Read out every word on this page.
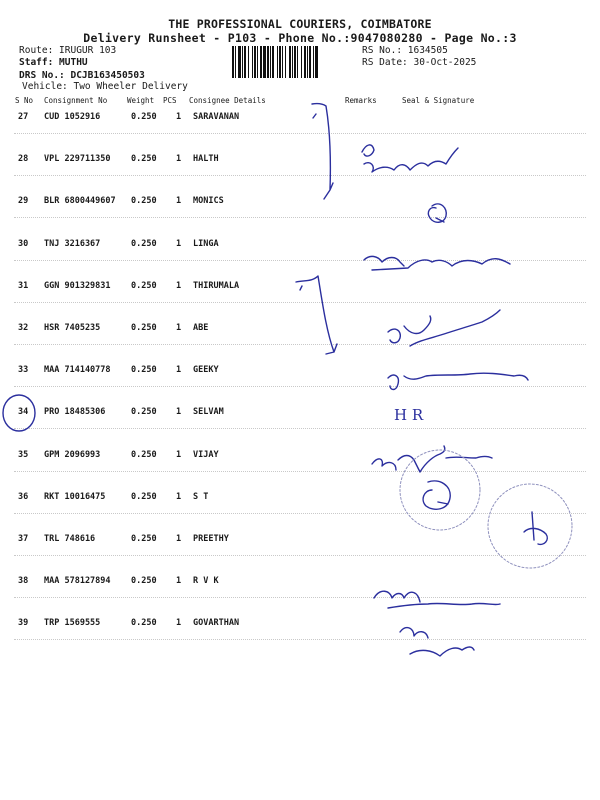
THE PROFESSIONAL COURIERS, COIMBATORE
Delivery Runsheet - P103 - Phone No.:9047080280 - Page No.:3
Route: IRUGUR 103
Staff: MUTHU
DRS No.: DCJB163450503
Vehicle: Two Wheeler Delivery
RS No.: 1634505
RS Date: 30-Oct-2025
S No Consignment No	Weight PCS Consignee Details	Remarks	Seal & Signature
27 CUD 1052916	0.250 1 SARAVANAN
28 VPL 229711350 0.250 1 HALTH
29 BLR 6800449607 0.250 1 MONICS
30 TNJ 3216367	0.250 1 LINGA
31 GGN 901329831 0.250 1 THIRUMALA
32 HSR 7405235	0.250 1 ABE
33 MAA 714140778 0.250 1 GEEKY
34 PRO 18485306	0.250 1 SELVAM
35 GPM 2096993	0.250 1 VIJAY
36 RKT 10016475	0.250 1 S T
37 TRL 748616	0.250 1 PREETHY
38 MAA 578127894 0.250 1 R V K
39 TRP 1569555	0.250 1 GOVARTHAN
H R
